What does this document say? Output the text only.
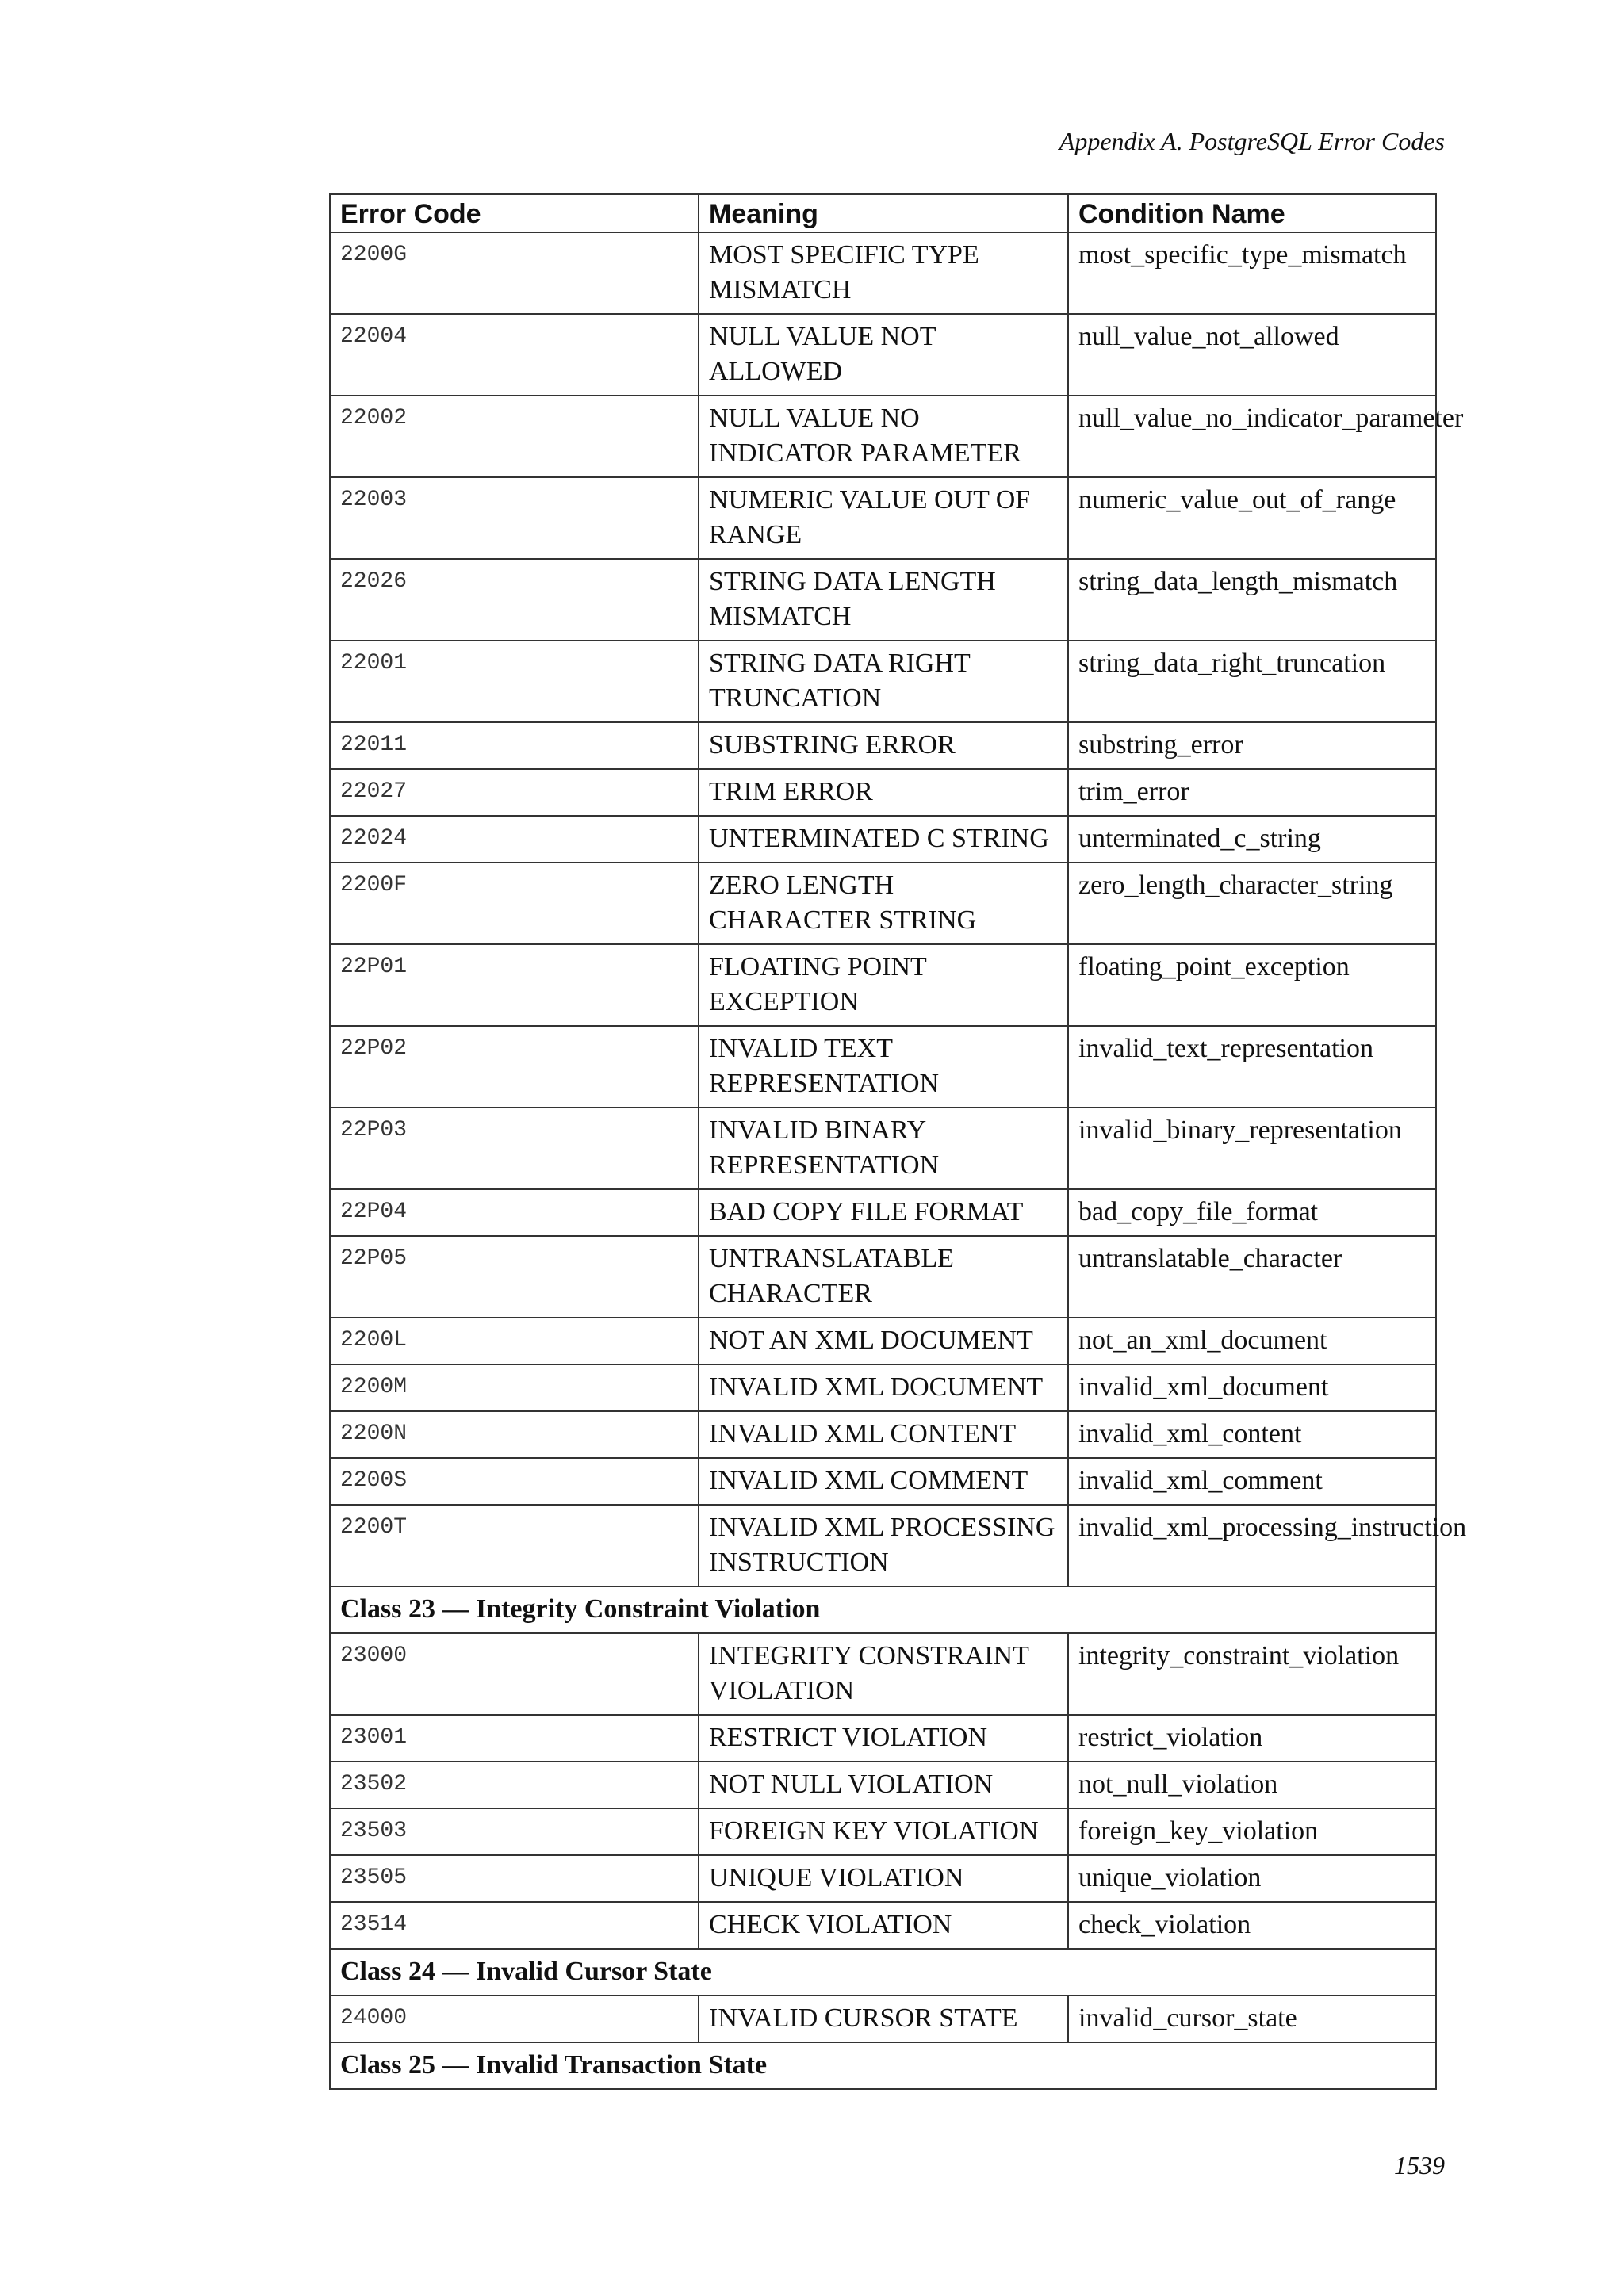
Appendix A. PostgreSQL Error Codes
Error Code	Meaning	Condition Name
2200G	MOST SPECIFIC TYPE MISMATCH	most_specific_type_mismatch
22004	NULL VALUE NOT ALLOWED	null_value_not_allowed
22002	NULL VALUE NO INDICATOR PARAMETER	null_value_no_indicator_parameter
22003	NUMERIC VALUE OUT OF RANGE	numeric_value_out_of_range
22026	STRING DATA LENGTH MISMATCH	string_data_length_mismatch
22001	STRING DATA RIGHT TRUNCATION	string_data_right_truncation
22011	SUBSTRING ERROR	substring_error
22027	TRIM ERROR	trim_error
22024	UNTERMINATED C STRING	unterminated_c_string
2200F	ZERO LENGTH CHARACTER STRING	zero_length_character_string
22P01	FLOATING POINT EXCEPTION	floating_point_exception
22P02	INVALID TEXT REPRESENTATION	invalid_text_representation
22P03	INVALID BINARY REPRESENTATION	invalid_binary_representation
22P04	BAD COPY FILE FORMAT	bad_copy_file_format
22P05	UNTRANSLATABLE CHARACTER	untranslatable_character
2200L	NOT AN XML DOCUMENT	not_an_xml_document
2200M	INVALID XML DOCUMENT	invalid_xml_document
2200N	INVALID XML CONTENT	invalid_xml_content
2200S	INVALID XML COMMENT	invalid_xml_comment
2200T	INVALID XML PROCESSING INSTRUCTION	invalid_xml_processing_instruction
Class 23 — Integrity Constraint Violation		
23000	INTEGRITY CONSTRAINT VIOLATION	integrity_constraint_violation
23001	RESTRICT VIOLATION	restrict_violation
23502	NOT NULL VIOLATION	not_null_violation
23503	FOREIGN KEY VIOLATION	foreign_key_violation
23505	UNIQUE VIOLATION	unique_violation
23514	CHECK VIOLATION	check_violation
Class 24 — Invalid Cursor State		
24000	INVALID CURSOR STATE	invalid_cursor_state
Class 25 — Invalid Transaction State		
1539
